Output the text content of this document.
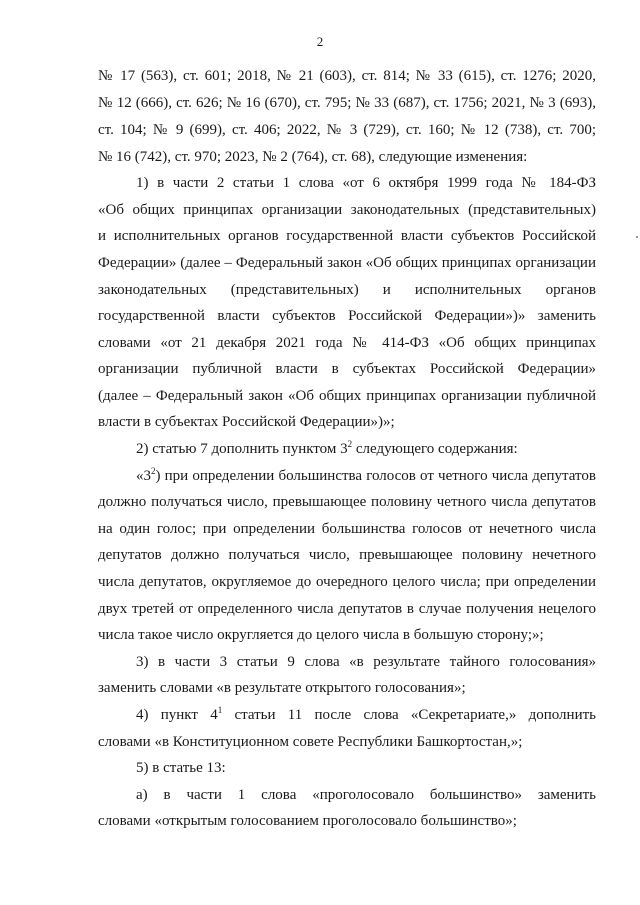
2
№ 17 (563), ст. 601; 2018, № 21 (603), ст. 814; № 33 (615), ст. 1276; 2020,
№ 12 (666), ст. 626; № 16 (670), ст. 795; № 33 (687), ст. 1756; 2021, № 3 (693),
ст. 104; № 9 (699), ст. 406; 2022, № 3 (729), ст. 160; № 12 (738), ст. 700;
№ 16 (742), ст. 970; 2023, № 2 (764), ст. 68), следующие изменения:
1) в части 2 статьи 1 слова «от 6 октября 1999 года № 184-ФЗ
«Об общих принципах организации законодательных (представительных)
и исполнительных органов государственной власти субъектов Российской
Федерации» (далее – Федеральный закон «Об общих принципах организации
законодательных (представительных) и исполнительных органов
государственной власти субъектов Российской Федерации»)» заменить
словами «от 21 декабря 2021 года № 414-ФЗ «Об общих принципах
организации публичной власти в субъектах Российской Федерации»
(далее – Федеральный закон «Об общих принципах организации публичной
власти в субъектах Российской Федерации»)»;
2) статью 7 дополнить пунктом $3^2$ следующего содержания:
«$3^2$) при определении большинства голосов от четного числа депутатов
должно получаться число, превышающее половину четного числа депутатов
на один голос; при определении большинства голосов от нечетного числа
депутатов должно получаться число, превышающее половину нечетного
числа депутатов, округляемое до очередного целого числа; при определении
двух третей от определенного числа депутатов в случае получения нецелого
числа такое число округляется до целого числа в большую сторону;»;
3) в части 3 статьи 9 слова «в результате тайного голосования»
заменить словами «в результате открытого голосования»;
4) пункт $4^1$ статьи 11 после слова «Секретариате,» дополнить
словами «в Конституционном совете Республики Башкортостан,»;
5) в статье 13:
а) в части 1 слова «проголосовало большинство» заменить
словами «открытым голосованием проголосовало большинство»;
